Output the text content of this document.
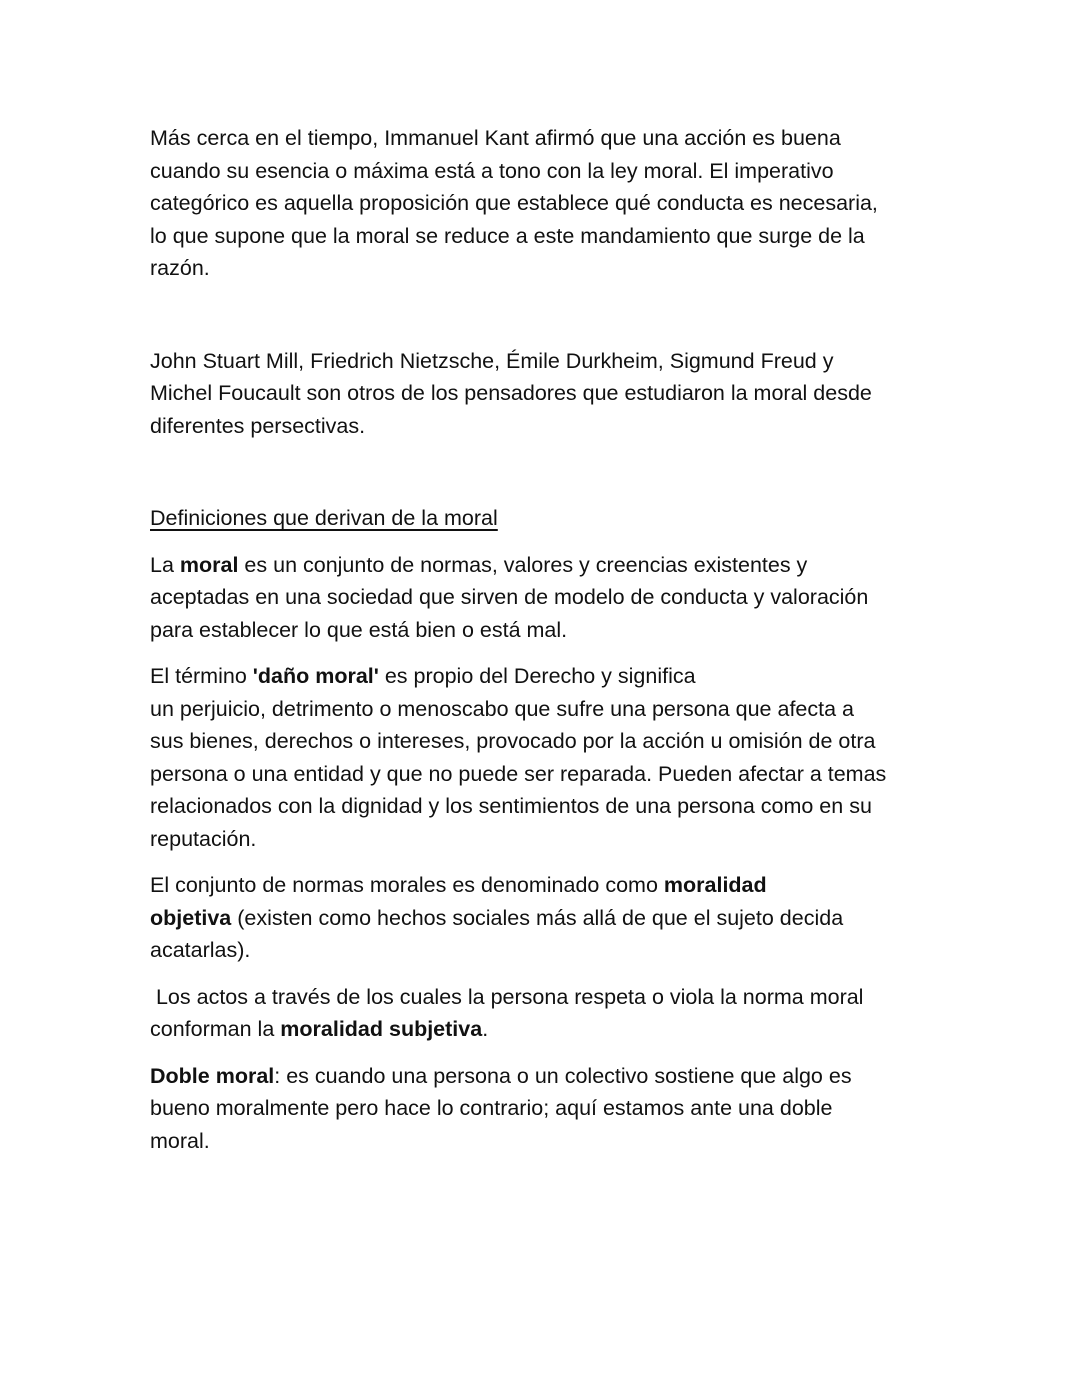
Más cerca en el tiempo, Immanuel Kant afirmó que una acción es buena
cuando su esencia o máxima está a tono con la ley moral. El imperativo
categórico es aquella proposición que establece qué conducta es necesaria,
lo que supone que la moral se reduce a este mandamiento que surge de la
razón.

John Stuart Mill, Friedrich Nietzsche, Émile Durkheim, Sigmund Freud y
Michel Foucault son otros de los pensadores que estudiaron la moral desde
diferentes persectivas.

Definiciones que derivan de la moral

La moral es un conjunto de normas, valores y creencias existentes y
aceptadas en una sociedad que sirven de modelo de conducta y valoración
para establecer lo que está bien o está mal.

El término 'daño moral' es propio del Derecho y significa
un perjuicio, detrimento o menoscabo que sufre una persona que afecta a
sus bienes, derechos o intereses, provocado por la acción u omisión de otra
persona o una entidad y que no puede ser reparada. Pueden afectar a temas
relacionados con la dignidad y los sentimientos de una persona como en su
reputación.

El conjunto de normas morales es denominado como moralidad
objetiva (existen como hechos sociales más allá de que el sujeto decida
acatarlas).

Los actos a través de los cuales la persona respeta o viola la norma moral
conforman la moralidad subjetiva.

Doble moral: es cuando una persona o un colectivo sostiene que algo es
bueno moralmente pero hace lo contrario; aquí estamos ante una doble
moral.
